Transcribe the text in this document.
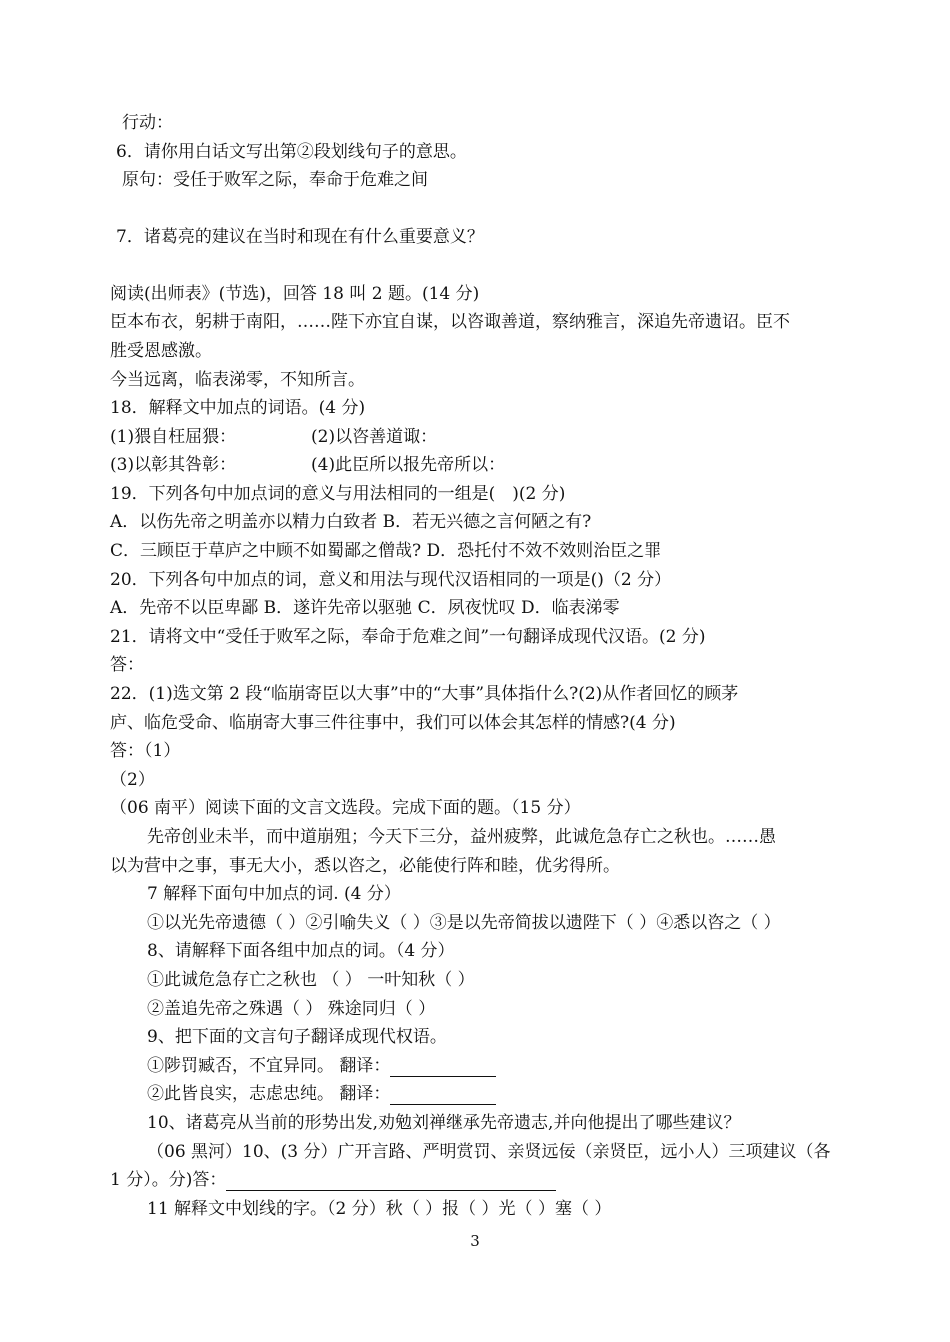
行动：
6．请你用白话文写出第②段划线句子的意思。
原句：受任于败军之际，奉命于危难之间
7．诸葛亮的建议在当时和现在有什么重要意义？
阅读(出师表》(节选)，回答 18 叫 2 题。(14 分)
臣本布衣，躬耕于南阳，……陛下亦宜自谋，以咨诹善道，察纳雅言，深追先帝遗诏。臣不
胜受恩感激。
今当远离，临表涕零，不知所言。
18．解释文中加点的词语。(4 分)
(1)猥自枉屈猥：	(2)以咨善道诹：
(3)以彰其咎彰：	(4)此臣所以报先帝所以：
19．下列各句中加点词的意义与用法相同的一组是(　)(2 分)
A．以伤先帝之明盖亦以精力白致者 B．若无兴德之言何陋之有?
C．三顾臣于草庐之中顾不如蜀鄙之僧哉? D．恐托付不效不效则治臣之罪
20．下列各句中加点的词，意义和用法与现代汉语相同的一项是()（2 分）
A．先帝不以臣卑鄙 B．遂许先帝以驱驰 C．夙夜忧叹 D．临表涕零
21．请将文中“受任于败军之际，奉命于危难之间”一句翻译成现代汉语。(2 分)
答：
22．(1)选文第 2 段“临崩寄臣以大事”中的“大事”具体指什么?(2)从作者回忆的顾茅
庐、临危受命、临崩寄大事三件往事中，我们可以体会其怎样的情感?(4 分)
答：（1）
（2）
（06 南平）阅读下面的文言文选段。完成下面的题。（15 分）
先帝创业未半，而中道崩殂；今天下三分，益州疲弊，此诚危急存亡之秋也。……愚
以为营中之事，事无大小，悉以咨之，必能使行阵和睦，优劣得所。
7 解释下面句中加点的词. (4 分）
①以光先帝遗德（ ）②引喻失义（ ）③是以先帝简拔以遗陛下（ ）④悉以咨之（ ）
8、请解释下面各组中加点的词。（4 分）
①此诚危急存亡之秋也 （ ） 一叶知秋（ ）
②盖追先帝之殊遇（ ） 殊途同归（ ）
9、把下面的文言句子翻译成现代权语。
①陟罚臧否，不宜异同。 翻译：
②此皆良实，志虑忠纯。 翻译：
10、诸葛亮从当前的形势出发,劝勉刘禅继承先帝遗志,并向他提出了哪些建议？
（06 黑河）10、(3 分）广开言路、严明赏罚、亲贤远佞（亲贤臣，远小人）三项建议（各
1 分）。分)答：
11 解释文中划线的字。（2 分）秋（ ）报（ ）光（ ）塞（ ）
3
